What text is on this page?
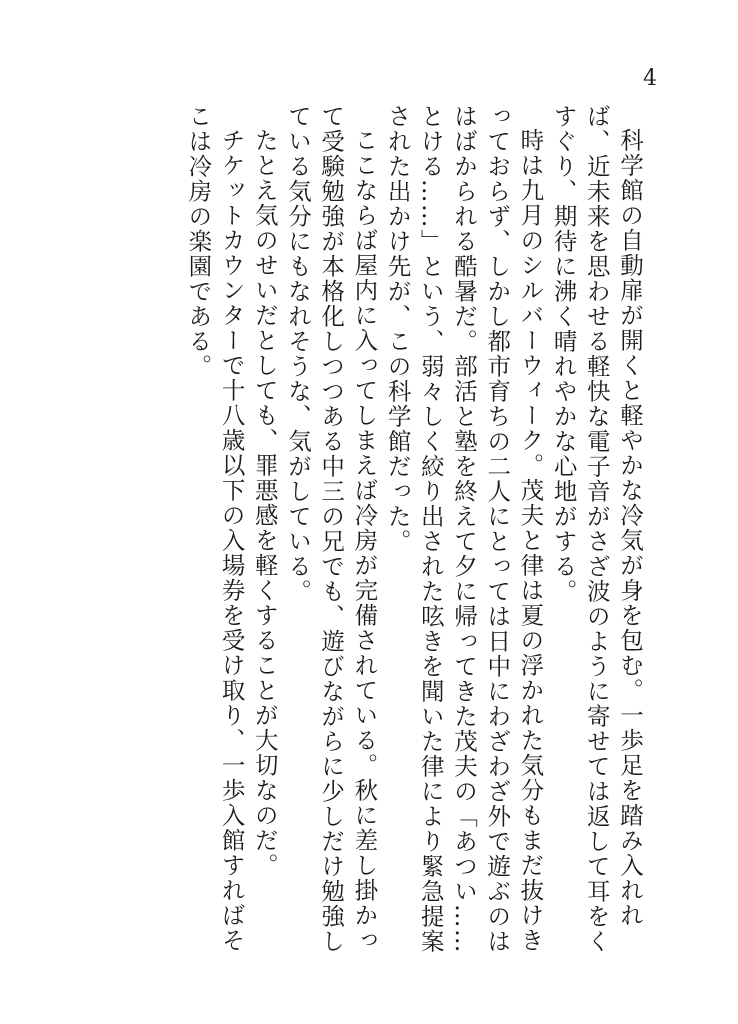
4

科学館の自動扉が開くと軽やかな冷気が身を包む。一歩足を踏み入れれば、近未来を思わせる軽快な電子音がさざ波のように寄せては返して耳をくすぐり、期待に沸く晴れやかな心地がする。

時は九月のシルバーウィーク。茂夫と律は夏の浮かれた気分もまだ抜けきっておらず、しかし都市育ちの二人にとっては日中にわざわざ外で遊ぶのははばかられる酷暑だ。部活と塾を終えて夕に帰ってきた茂夫の「あつい……とける……」という、弱々しく絞り出された呟きを聞いた律により緊急提案された出かけ先が、この科学館だった。

ここならば屋内に入ってしまえば冷房が完備されている。秋に差し掛かって受験勉強が本格化しつつある中三の兄でも、遊びながらに少しだけ勉強している気分にもなれそうな、気がしている。

たとえ気のせいだとしても、罪悪感を軽くすることが大切なのだ。

チケットカウンターで十八歳以下の入場券を受け取り、一歩入館すればそこは冷房の楽園である。
